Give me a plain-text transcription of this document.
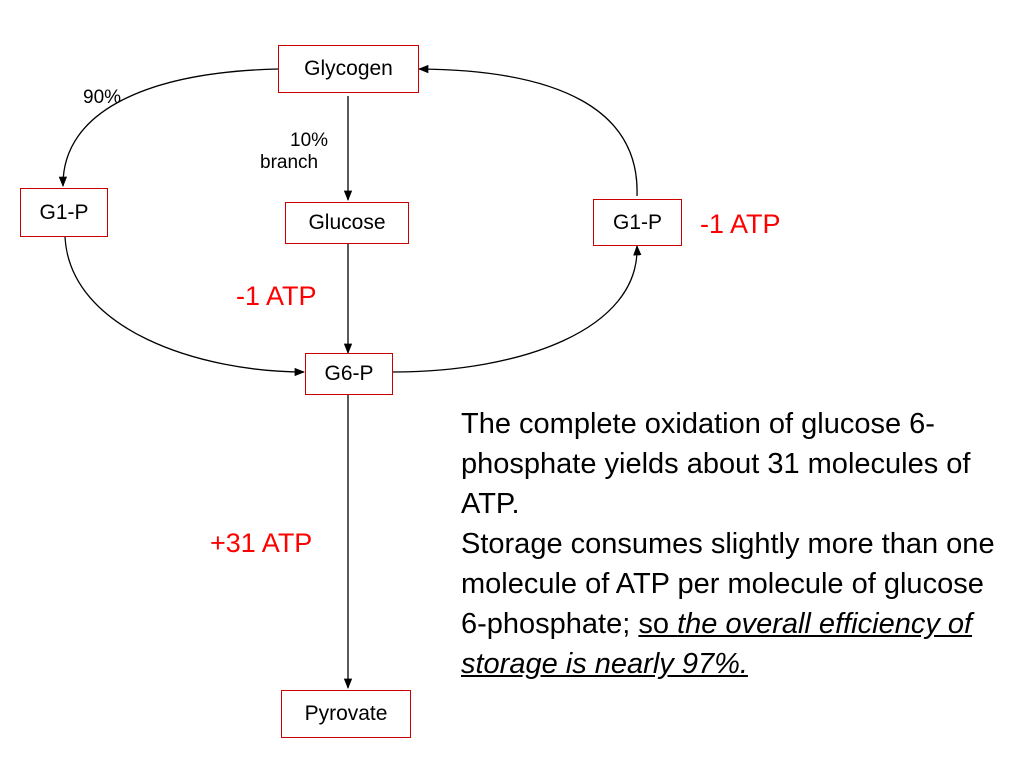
Glycogen
G1-P	Glucose	G1-P
G6-P
Pyrovate
90%
10%
branch
-1 ATP
-1 ATP
+31 ATP

The complete oxidation of glucose 6-phosphate yields about 31 molecules of ATP.

Storage consumes slightly more than one molecule of ATP per molecule of glucose 6-phosphate; so the overall efficiency of storage is nearly 97%.
